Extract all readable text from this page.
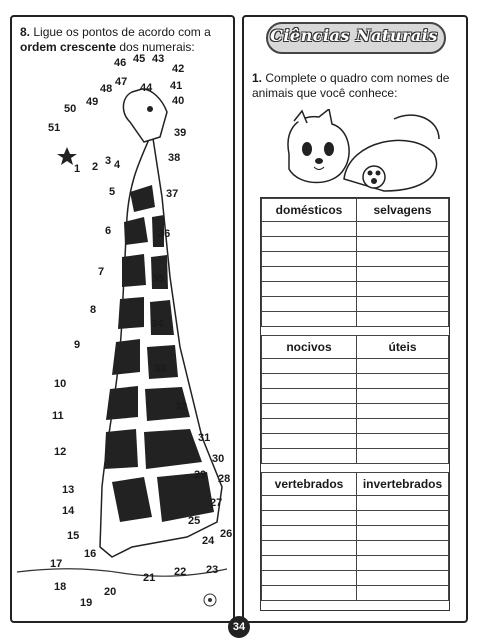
8. Ligue os pontos de acordo com a
ordem crescente dos numerais:
1 2 3 4
5
6
7
8
9
10
11
12
13
14
15
16
17
18
19
20
21 22 23
24
25
26
27
28
29
30
31
32
33
34
35
36
37
38
39
40
41
42
43
44
45
46
47
48
49
50
51
Ciências Naturais
1. Complete o quadro com nomes de animais que você conhece:
domésticos	selvagens

nocivos	úteis

vertebrados	invertebrados

34
